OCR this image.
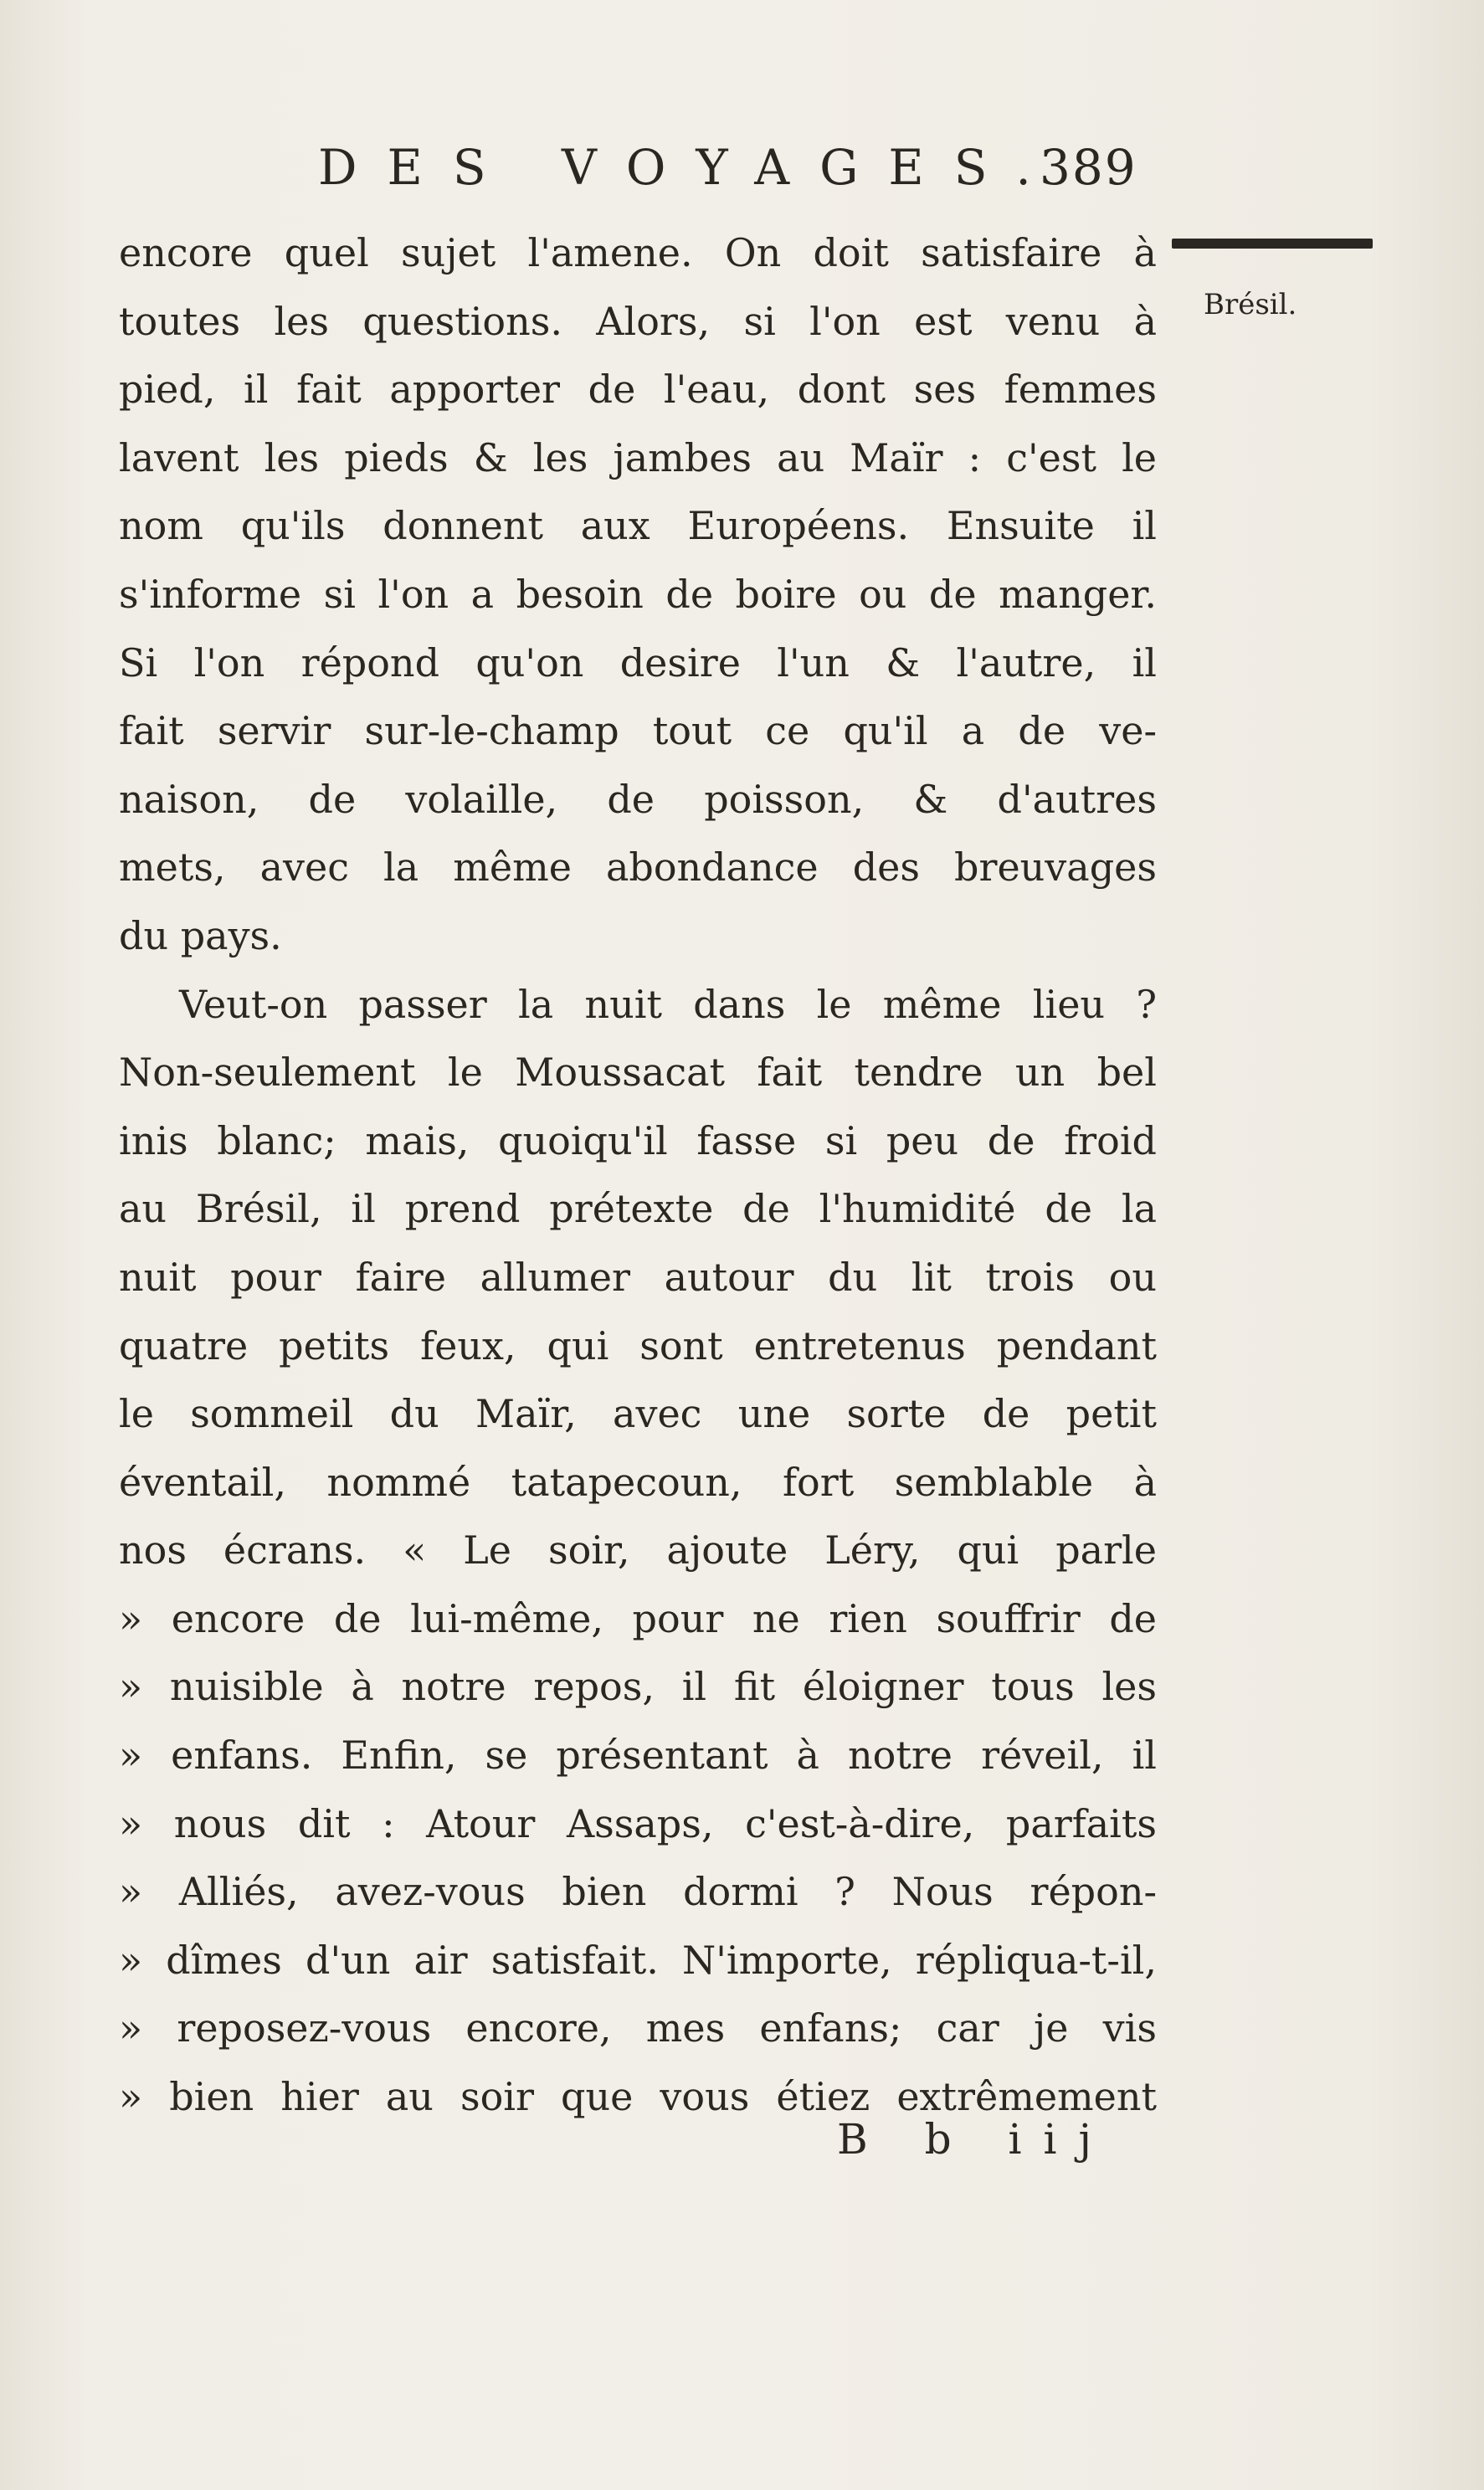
DES VOYAGES.
389
Brésil.
encore quel sujet l'amene. On doit satisfaire à
toutes les questions. Alors, si l'on est venu à
pied, il fait apporter de l'eau, dont ses femmes
lavent les pieds & les jambes au Maïr : c'est le
nom qu'ils donnent aux Européens. Ensuite il
s'informe si l'on a besoin de boire ou de manger.
Si l'on répond qu'on desire l'un & l'autre, il
fait servir sur-le-champ tout ce qu'il a de ve-
naison, de volaille, de poisson, & d'autres
mets, avec la même abondance des breuvages
du pays.
Veut-on passer la nuit dans le même lieu ?
Non-seulement le Moussacat fait tendre un bel
inis blanc; mais, quoiqu'il fasse si peu de froid
au Brésil, il prend prétexte de l'humidité de la
nuit pour faire allumer autour du lit trois ou
quatre petits feux, qui sont entretenus pendant
le sommeil du Maïr, avec une sorte de petit
éventail, nommé tatapecoun, fort semblable à
nos écrans. « Le soir, ajoute Léry, qui parle
» encore de lui-même, pour ne rien souffrir de
» nuisible à notre repos, il fit éloigner tous les
» enfans. Enfin, se présentant à notre réveil, il
» nous dit : Atour Assaps, c'est-à-dire, parfaits
» Alliés, avez-vous bien dormi ? Nous répon-
» dîmes d'un air satisfait. N'importe, répliqua-t-il,
» reposez-vous encore, mes enfans; car je vis
» bien hier au soir que vous étiez extrêmement
B b iij
